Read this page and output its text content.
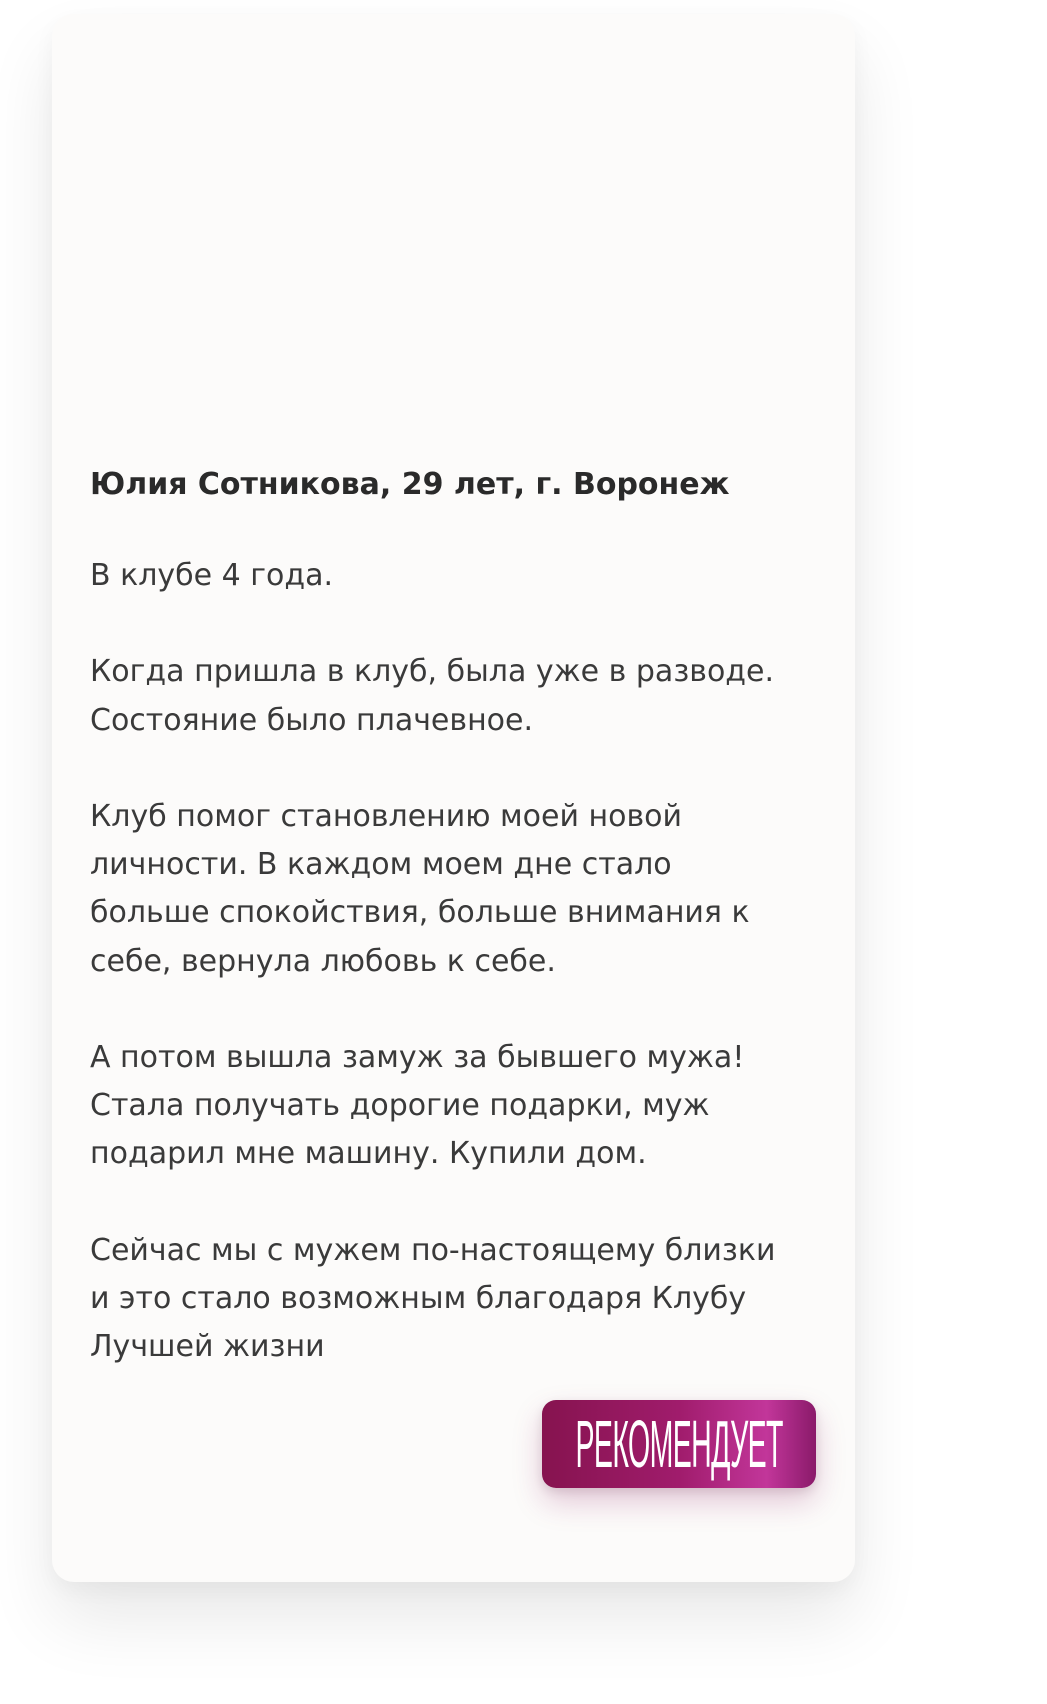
Юлия Сотникова, 29 лет, г. Воронеж

В клубе 4 года.

Когда пришла в клуб, была уже в разводе.
Состояние было плачевное.

Клуб помог становлению моей новой
личности. В каждом моем дне стало
больше спокойствия, больше внимания к
себе, вернула любовь к себе.

А потом вышла замуж за бывшего мужа!
Стала получать дорогие подарки, муж
подарил мне машину. Купили дом.

Сейчас мы с мужем по-настоящему близки
и это стало возможным благодаря Клубу
Лучшей жизни

РЕКОМЕНДУЕТ
